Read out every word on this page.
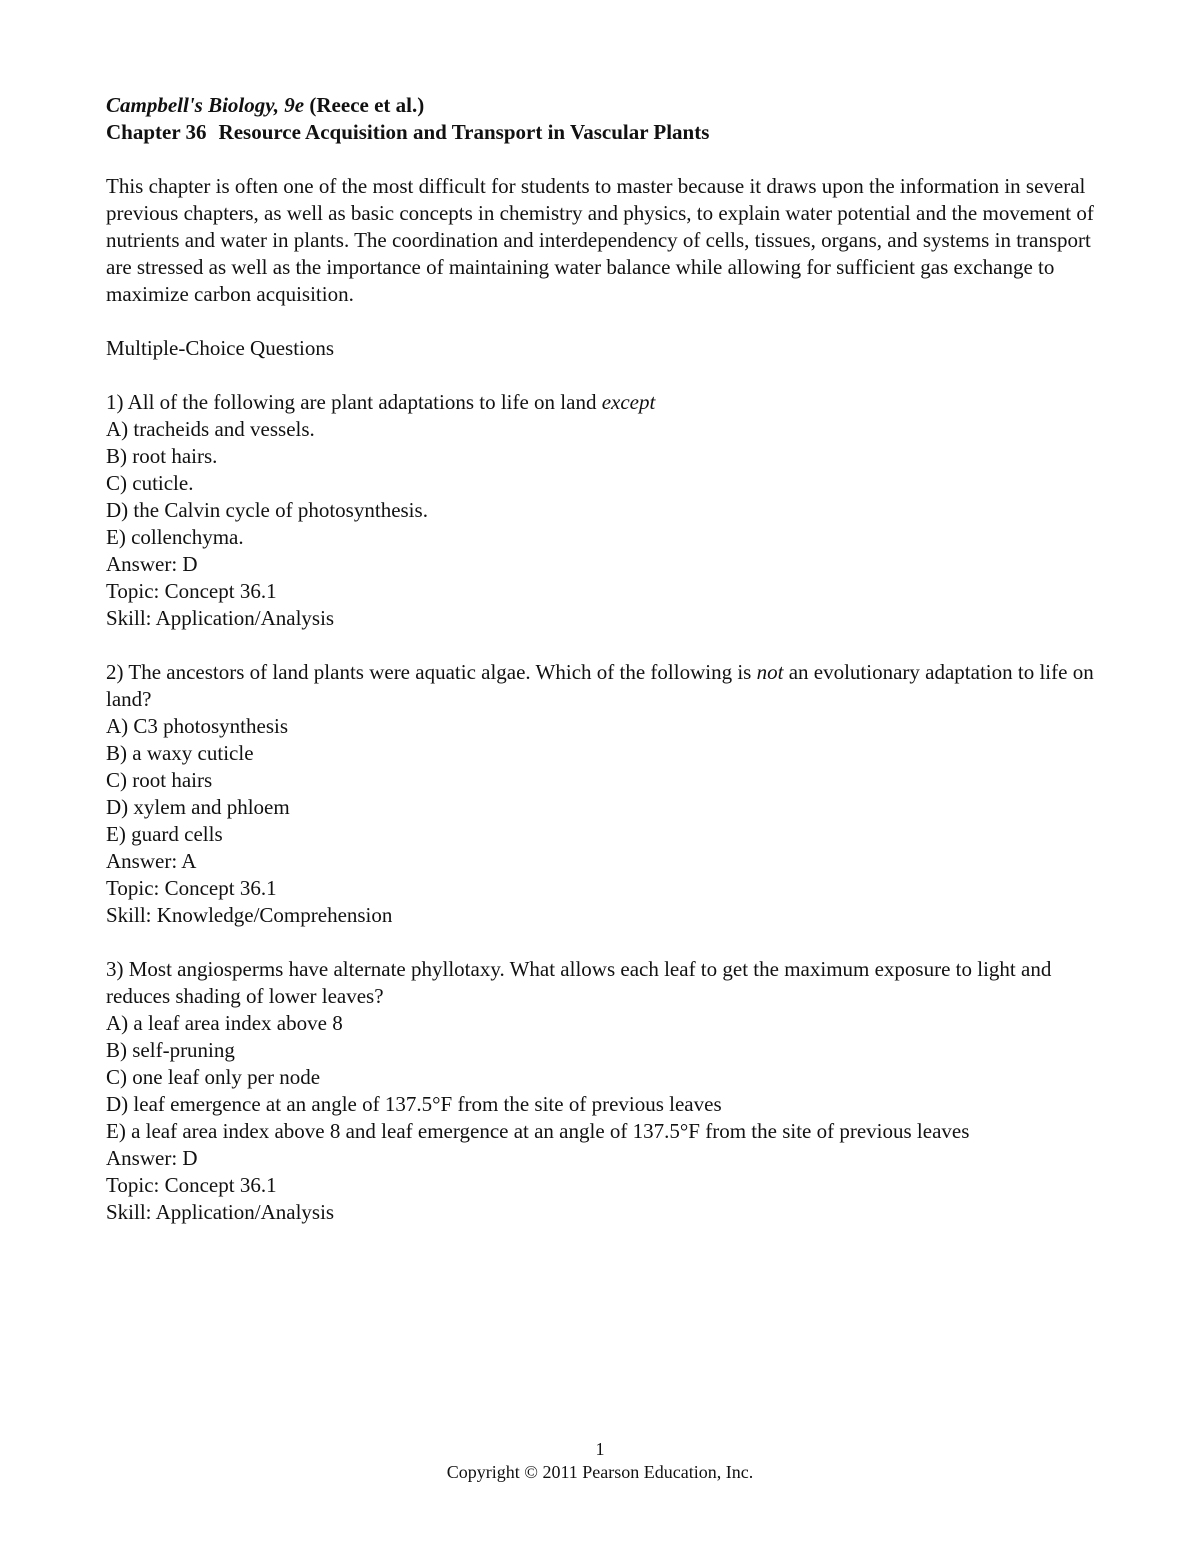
Campbell's Biology, 9e (Reece et al.)
Chapter 36 Resource Acquisition and Transport in Vascular Plants

This chapter is often one of the most difficult for students to master because it draws upon the information in several previous chapters, as well as basic concepts in chemistry and physics, to explain water potential and the movement of nutrients and water in plants. The coordination and interdependency of cells, tissues, organs, and systems in transport are stressed as well as the importance of maintaining water balance while allowing for sufficient gas exchange to maximize carbon acquisition.

Multiple-Choice Questions
1) All of the following are plant adaptations to life on land except
A) tracheids and vessels.
B) root hairs.
C) cuticle.
D) the Calvin cycle of photosynthesis.
E) collenchyma.
Answer: D
Topic: Concept 36.1
Skill: Application/Analysis
2) The ancestors of land plants were aquatic algae. Which of the following is not an evolutionary adaptation to life on land?
A) C3 photosynthesis
B) a waxy cuticle
C) root hairs
D) xylem and phloem
E) guard cells
Answer: A
Topic: Concept 36.1
Skill: Knowledge/Comprehension
3) Most angiosperms have alternate phyllotaxy. What allows each leaf to get the maximum exposure to light and reduces shading of lower leaves?
A) a leaf area index above 8
B) self-pruning
C) one leaf only per node
D) leaf emergence at an angle of 137.5°F from the site of previous leaves
E) a leaf area index above 8 and leaf emergence at an angle of 137.5°F from the site of previous leaves
Answer: D
Topic: Concept 36.1
Skill: Application/Analysis
1
Copyright © 2011 Pearson Education, Inc.
